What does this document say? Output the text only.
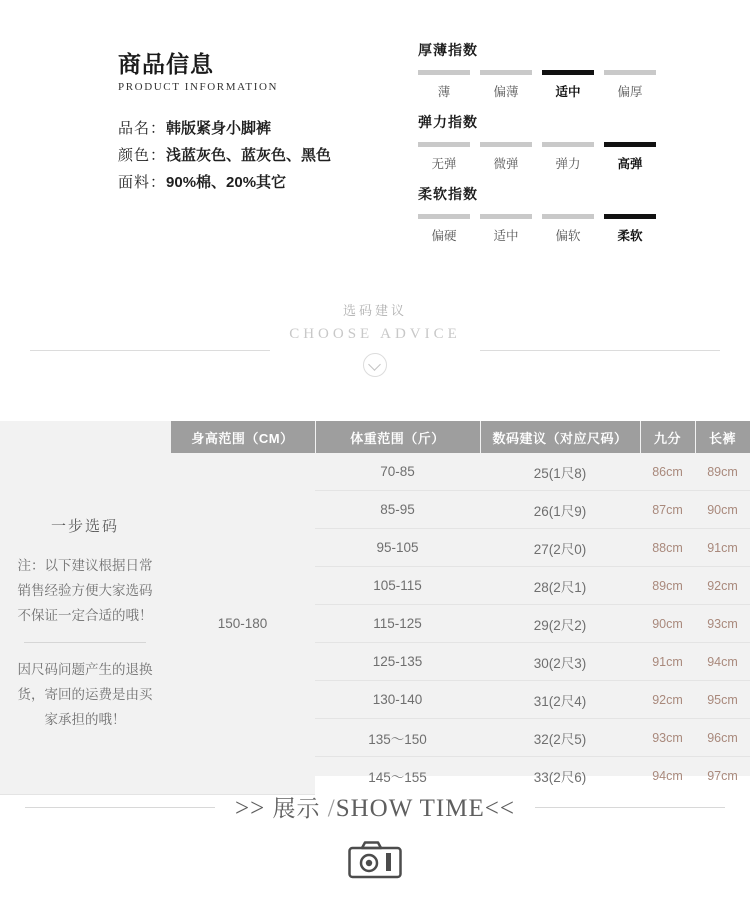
商品信息
PRODUCT INFORMATION
品名：韩版紧身小脚裤
颜色：浅蓝灰色、蓝灰色、黑色
面料：90%棉、20%其它
厚薄指数
薄	偏薄	适中	偏厚
弹力指数
无弹	微弹	弹力	高弹
柔软指数
偏硬	适中	偏软	柔软
选码建议
CHOOSE ADVICE
	身高范围（CM）	体重范围（斤）	数码建议（对应尺码）	九分	长裤

一步选码
注：以下建议根据日常销售经验方便大家选码不保证一定合适的哦！
因尺码问题产生的退换货，寄回的运费是由买家承担的哦！	150-180	70-85	25(1尺8)	86cm	89cm
		85-95	26(1尺9)	87cm	90cm
		95-105	27(2尺0)	88cm	91cm
		105-115	28(2尺1)	89cm	92cm
		115-125	29(2尺2)	90cm	93cm
		125-135	30(2尺3)	91cm	94cm
		130-140	31(2尺4)	92cm	95cm
		135～150	32(2尺5)	93cm	96cm
		145～155	33(2尺6)	94cm	97cm
>> 展示 /SHOW TIME<<
